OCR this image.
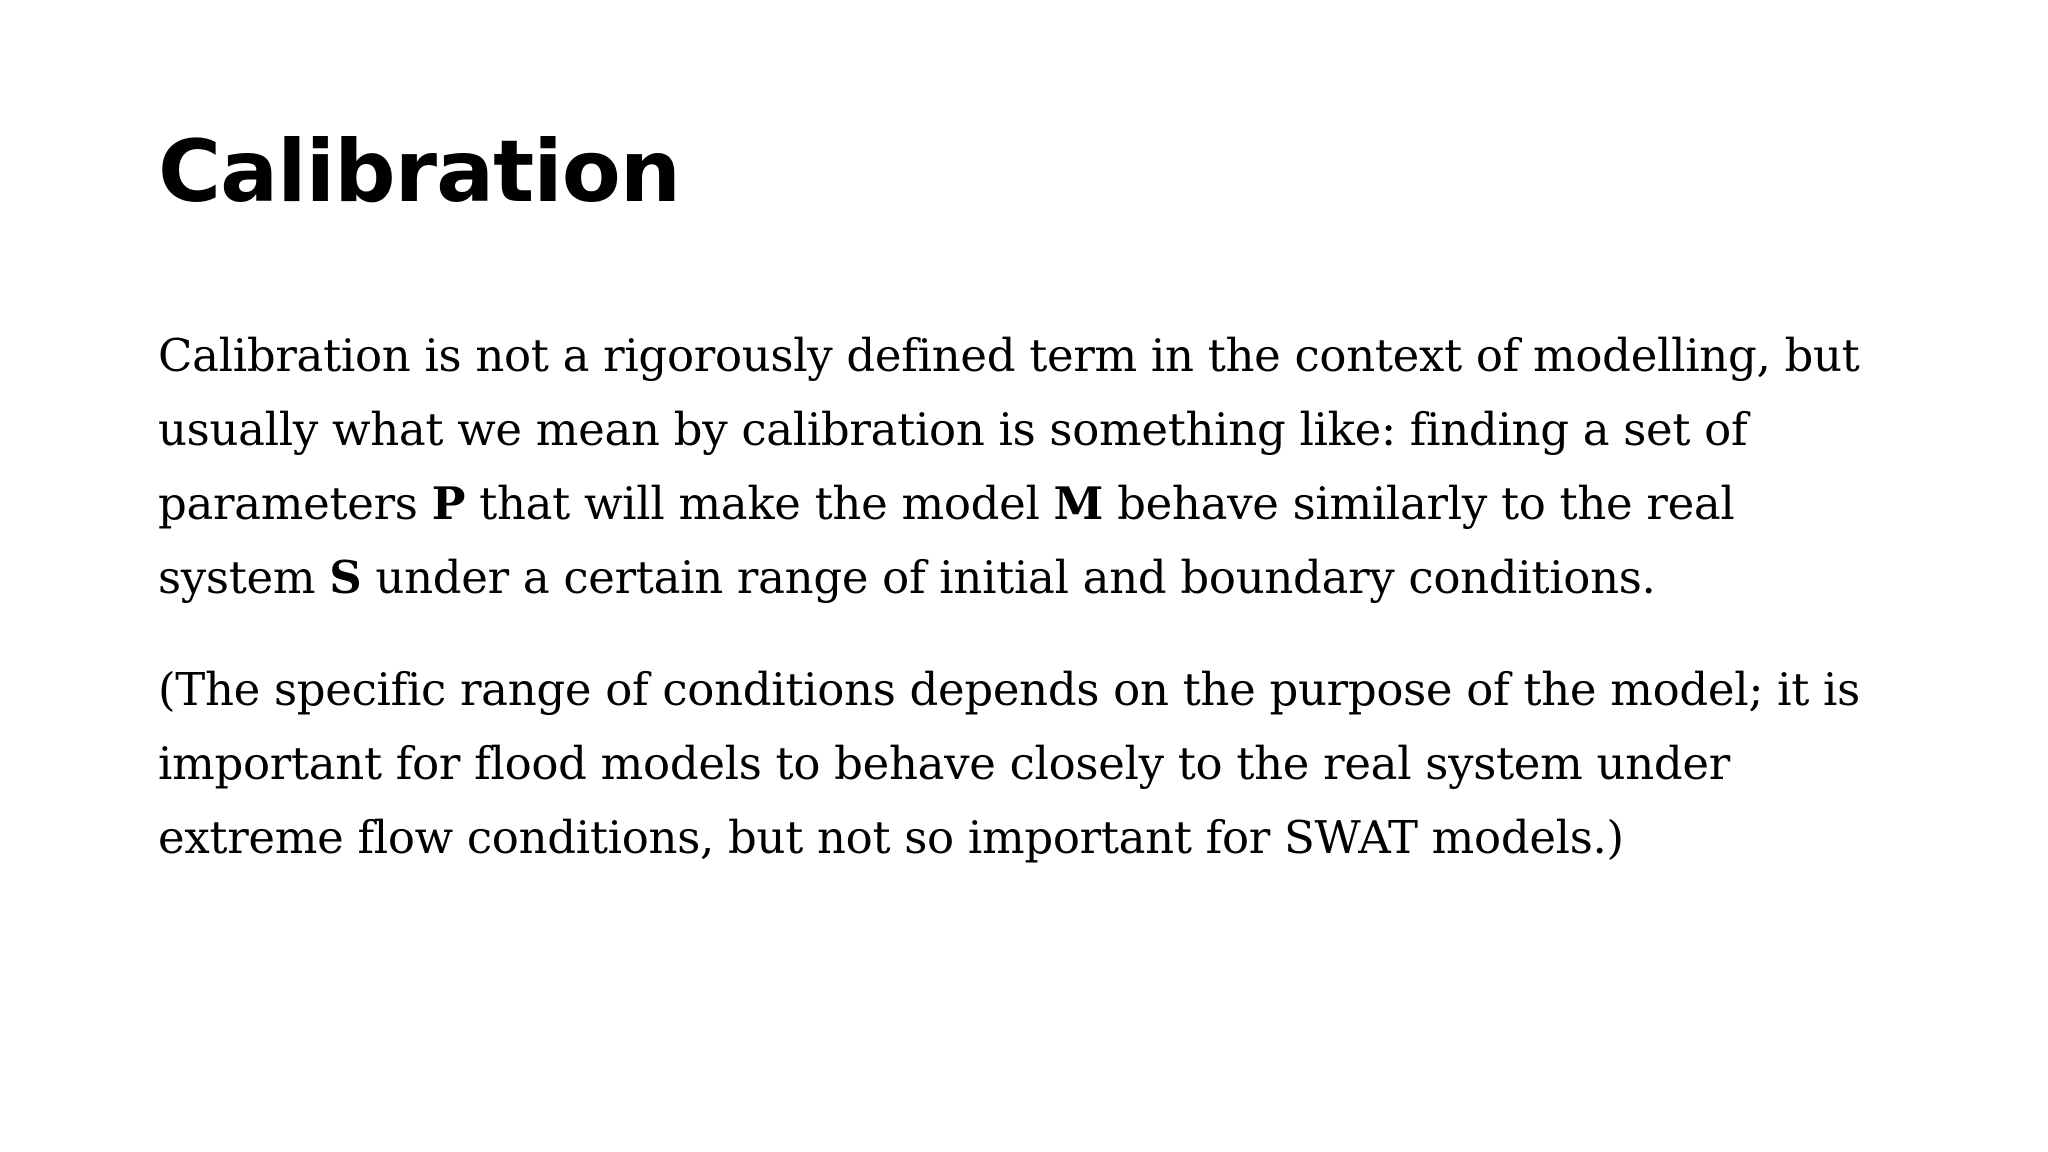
Calibration

Calibration is not a rigorously defined term in the context of modelling, but usually what we mean by calibration is something like: finding a set of parameters P that will make the model M behave similarly to the real system S under a certain range of initial and boundary conditions.

(The specific range of conditions depends on the purpose of the model; it is important for flood models to behave closely to the real system under extreme flow conditions, but not so important for SWAT models.)
